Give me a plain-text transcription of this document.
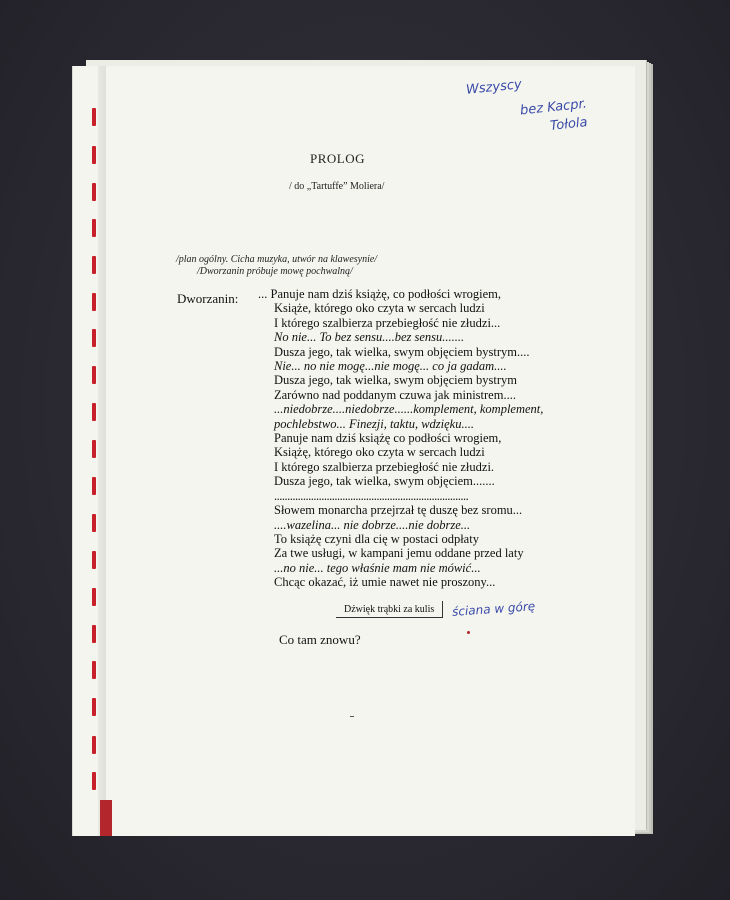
Wszyscy
bez Kacpr.
Tołola
PROLOG
/ do „Tartuffe” Moliera/
/plan ogólny. Cicha muzyka, utwór na klawesynie/
/Dworzanin próbuje mowę pochwalną/
Dworzanin: ... Panuje nam dziś książę, co podłości wrogiem,
Książe, którego oko czyta w sercach ludzi
I którego szalbierza przebiegłość nie złudzi...
No nie... To bez sensu....bez sensu.......
Dusza jego, tak wielka, swym objęciem bystrym....
Nie... no nie mogę...nie mogę... co ja gadam....
Dusza jego, tak wielka, swym objęciem bystrym
Zarówno nad poddanym czuwa jak ministrem....
...niedobrze....niedobrze......komplement, komplement,
pochlebstwo... Finezji, taktu, wdzięku....
Panuje nam dziś książę co podłości wrogiem,
Książę, którego oko czyta w sercach ludzi
I którego szalbierza przebiegłość nie złudzi.
Dusza jego, tak wielka, swym objęciem.......
..........................................................................
Słowem monarcha przejrzał tę duszę bez sromu...
....wazelina... nie dobrze....nie dobrze...
To książę czyni dla cię w postaci odpłaty
Za twe usługi, w kampani jemu oddane przed laty
...no nie... tego właśnie mam nie mówić...
Chcąc okazać, iż umie nawet nie proszony...
Dźwięk trąbki za kulis	ściana w górę
Co tam znowu?
